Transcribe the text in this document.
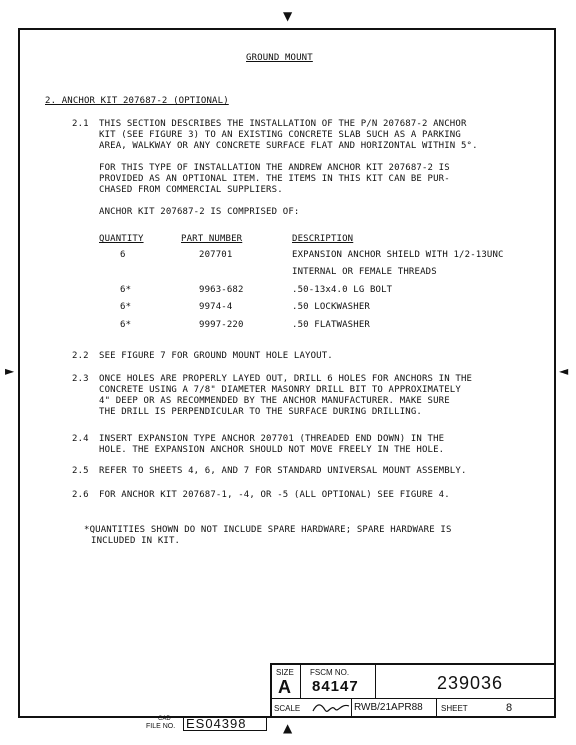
▼
▲
►	◄
GROUND MOUNT
2. ANCHOR KIT 207687-2 (OPTIONAL)
2.1 THIS SECTION DESCRIBES THE INSTALLATION OF THE P/N 207687-2 ANCHOR
KIT (SEE FIGURE 3) TO AN EXISTING CONCRETE SLAB SUCH AS A PARKING
AREA, WALKWAY OR ANY CONCRETE SURFACE FLAT AND HORIZONTAL WITHIN 5°.
FOR THIS TYPE OF INSTALLATION THE ANDREW ANCHOR KIT 207687-2 IS
PROVIDED AS AN OPTIONAL ITEM. THE ITEMS IN THIS KIT CAN BE PUR-
CHASED FROM COMMERCIAL SUPPLIERS.
ANCHOR KIT 207687-2 IS COMPRISED OF:
QUANTITY	PART NUMBER	DESCRIPTION
6	207701	EXPANSION ANCHOR SHIELD WITH 1/2-13UNC
INTERNAL OR FEMALE THREADS
6*	9963-682	.50-13x4.0 LG BOLT
6*	9974-4	.50 LOCKWASHER
6*	9997-220	.50 FLATWASHER
2.2 SEE FIGURE 7 FOR GROUND MOUNT HOLE LAYOUT.
2.3 ONCE HOLES ARE PROPERLY LAYED OUT, DRILL 6 HOLES FOR ANCHORS IN THE
CONCRETE USING A 7/8" DIAMETER MASONRY DRILL BIT TO APPROXIMATELY
4" DEEP OR AS RECOMMENDED BY THE ANCHOR MANUFACTURER. MAKE SURE
THE DRILL IS PERPENDICULAR TO THE SURFACE DURING DRILLING.
2.4 INSERT EXPANSION TYPE ANCHOR 207701 (THREADED END DOWN) IN THE
HOLE. THE EXPANSION ANCHOR SHOULD NOT MOVE FREELY IN THE HOLE.
2.5 REFER TO SHEETS 4, 6, AND 7 FOR STANDARD UNIVERSAL MOUNT ASSEMBLY.
2.6 FOR ANCHOR KIT 207687-1, -4, OR -5 (ALL OPTIONAL) SEE FIGURE 4.
*QUANTITIES SHOWN DO NOT INCLUDE SPARE HARDWARE; SPARE HARDWARE IS
INCLUDED IN KIT.
SIZE
A
FSCM NO.
84147	239036
SCALE	RWB/21APR88 SHEET	8
CAD
FILE NO. ES04398
